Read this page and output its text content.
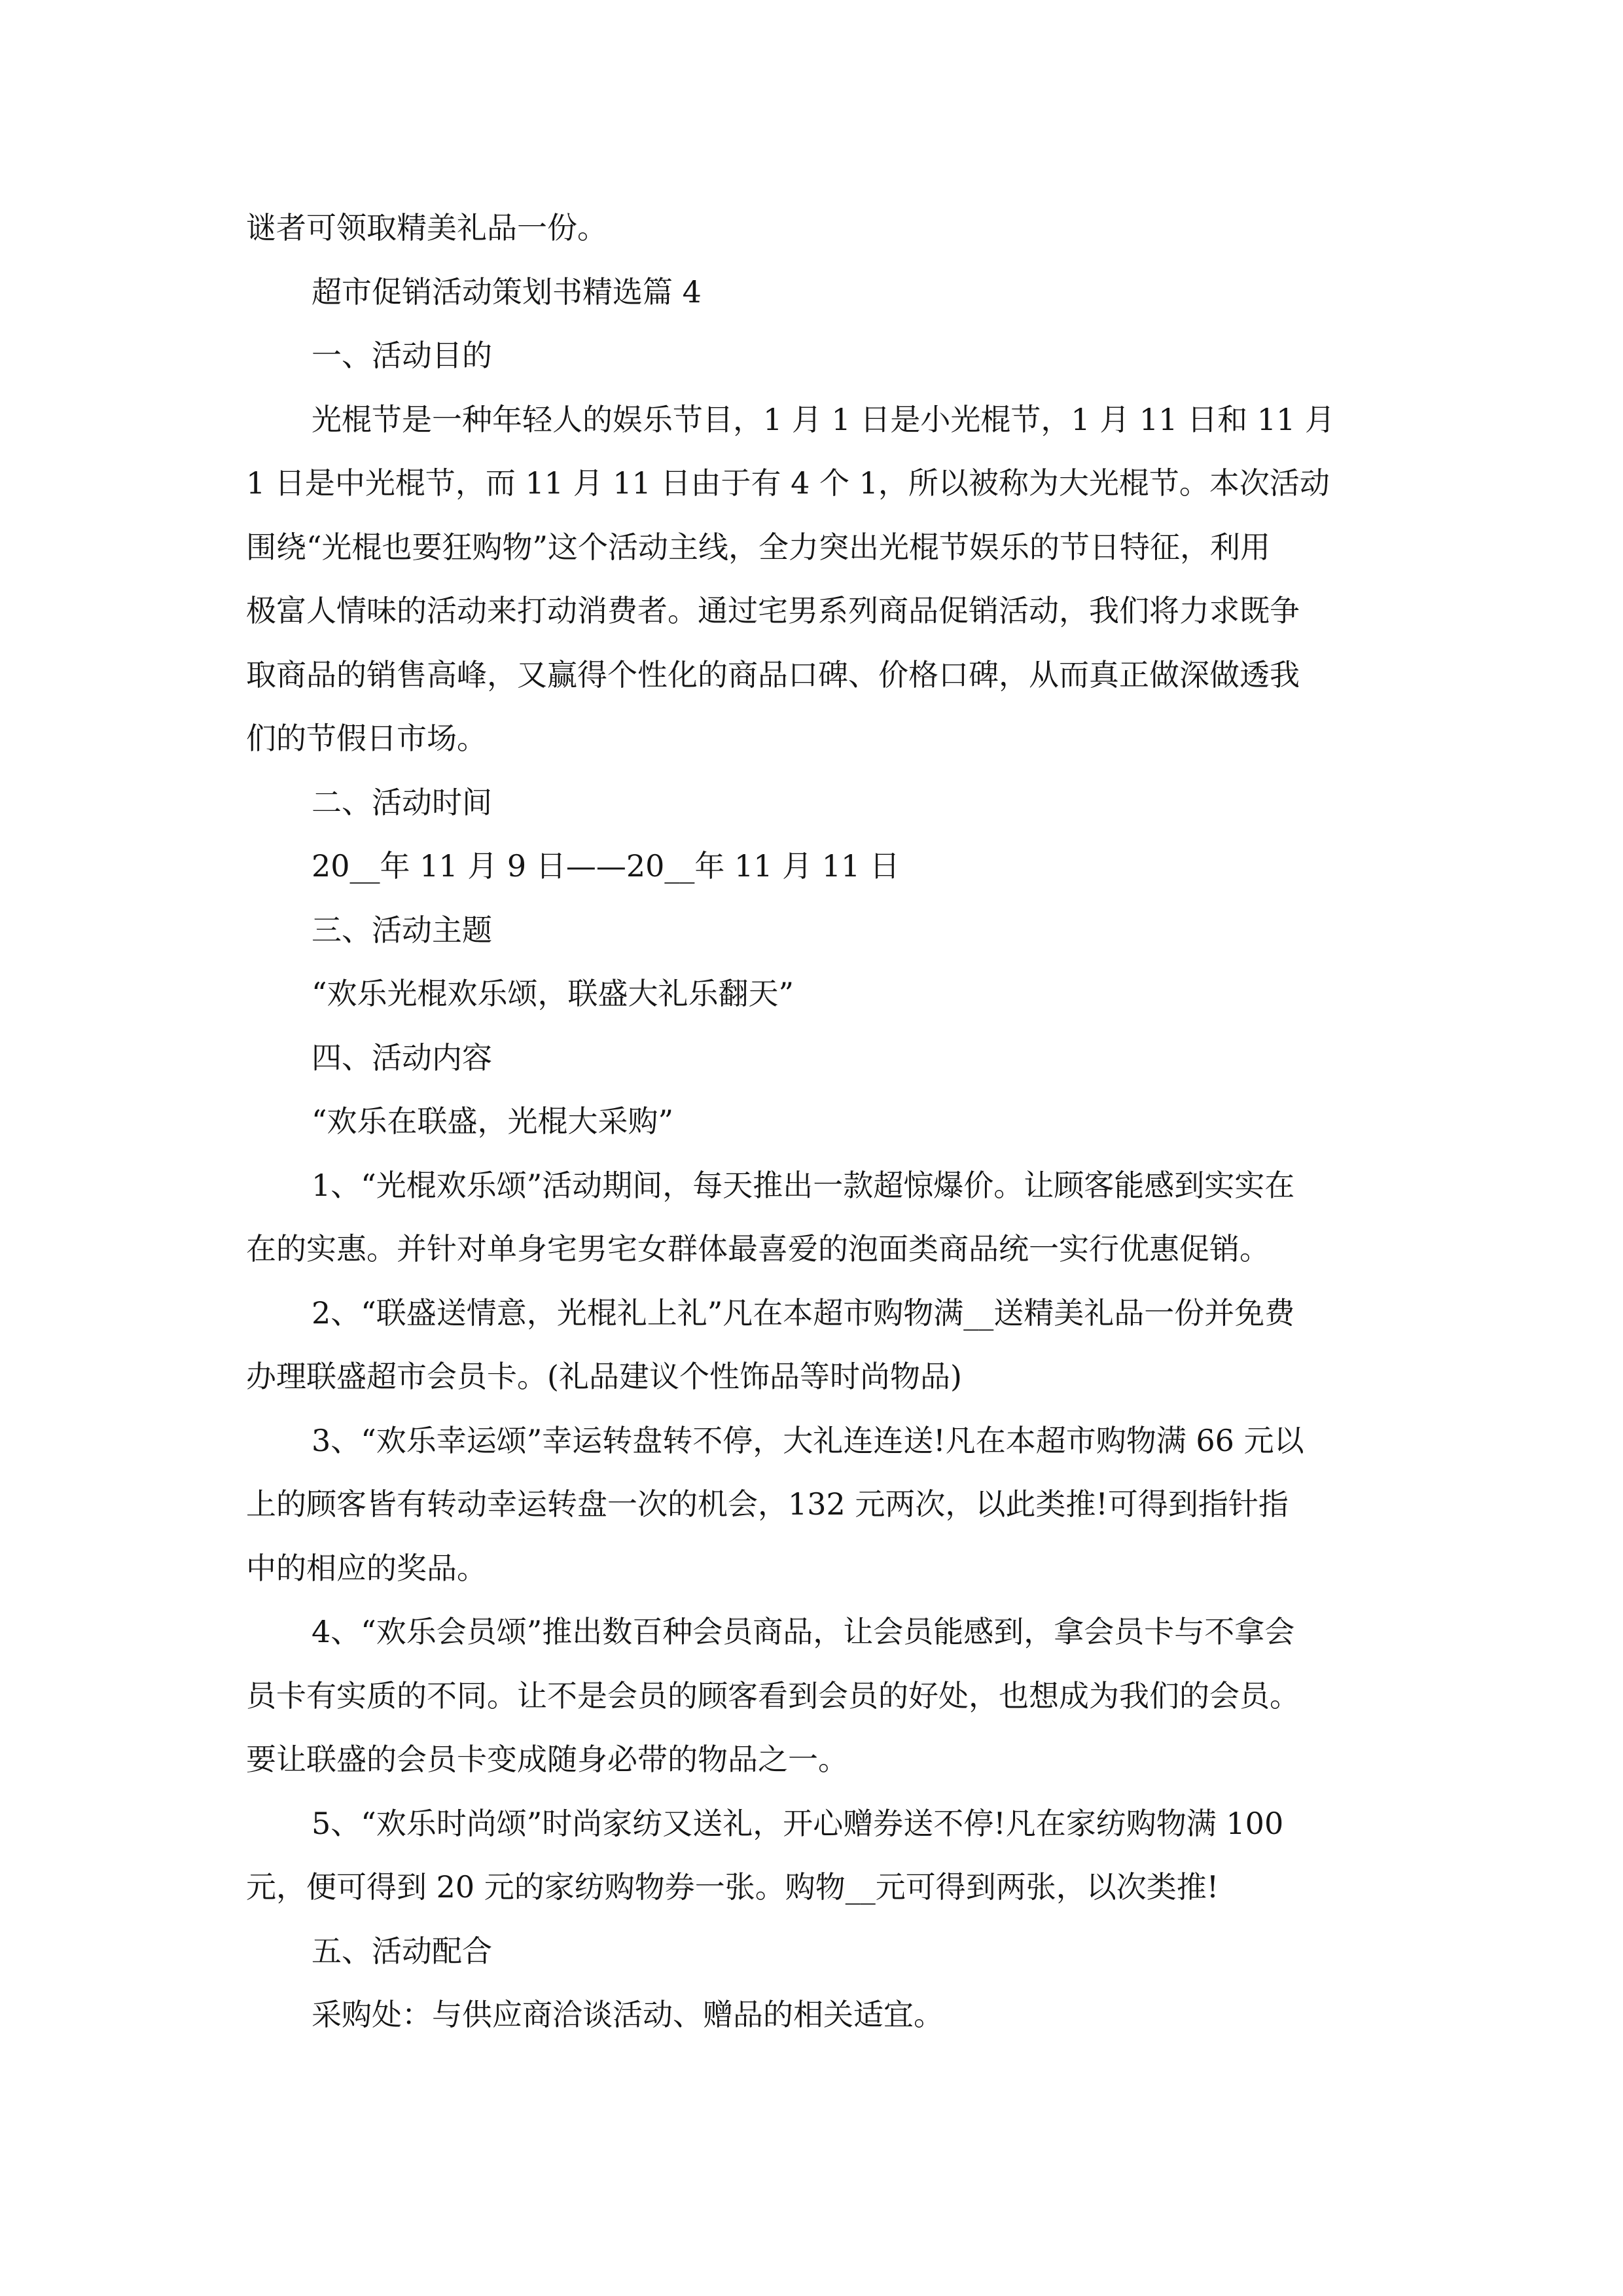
谜者可领取精美礼品一份。

超市促销活动策划书精选篇 4

一、活动目的

光棍节是一种年轻人的娱乐节目，1 月 1 日是小光棍节，1 月 11 日和 11 月

1 日是中光棍节，而 11 月 11 日由于有 4 个 1，所以被称为大光棍节。本次活动

围绕“光棍也要狂购物”这个活动主线，全力突出光棍节娱乐的节日特征，利用

极富人情味的活动来打动消费者。通过宅男系列商品促销活动，我们将力求既争

取商品的销售高峰，又赢得个性化的商品口碑、价格口碑，从而真正做深做透我

们的节假日市场。

二、活动时间

20__年 11 月 9 日——20__年 11 月 11 日

三、活动主题

“欢乐光棍欢乐颂，联盛大礼乐翻天”

四、活动内容

“欢乐在联盛，光棍大采购”

1、“光棍欢乐颂”活动期间，每天推出一款超惊爆价。让顾客能感到实实在

在的实惠。并针对单身宅男宅女群体最喜爱的泡面类商品统一实行优惠促销。

2、“联盛送情意，光棍礼上礼”凡在本超市购物满__送精美礼品一份并免费

办理联盛超市会员卡。(礼品建议个性饰品等时尚物品)

3、“欢乐幸运颂”幸运转盘转不停，大礼连连送!凡在本超市购物满 66 元以

上的顾客皆有转动幸运转盘一次的机会，132 元两次，以此类推!可得到指针指

中的相应的奖品。

4、“欢乐会员颂”推出数百种会员商品，让会员能感到，拿会员卡与不拿会

员卡有实质的不同。让不是会员的顾客看到会员的好处，也想成为我们的会员。

要让联盛的会员卡变成随身必带的物品之一。

5、“欢乐时尚颂”时尚家纺又送礼，开心赠券送不停!凡在家纺购物满 100

元，便可得到 20 元的家纺购物券一张。购物__元可得到两张，以次类推!

五、活动配合

采购处：与供应商洽谈活动、赠品的相关适宜。
